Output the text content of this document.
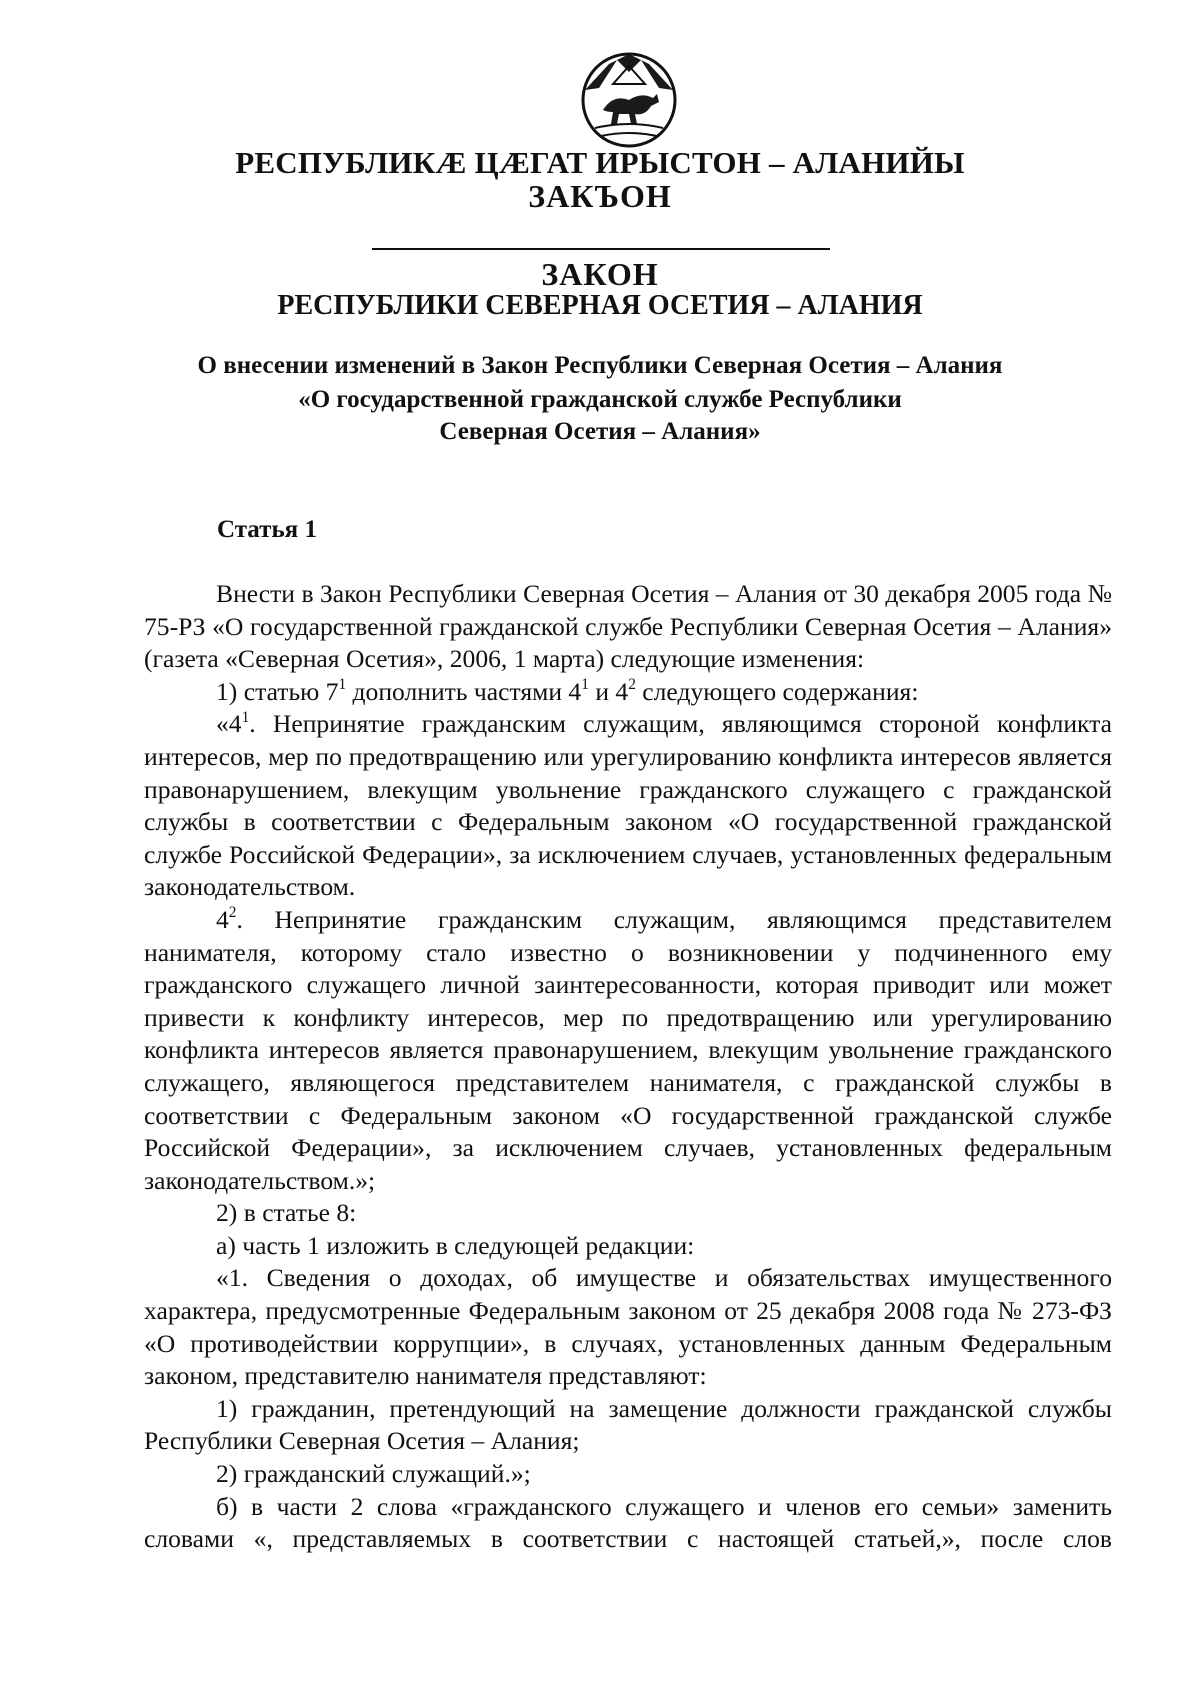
РЕСПУБЛИКӔ ЦӔГАТ ИРЫСТОН – АЛАНИЙЫ
ЗАКЪОН
ЗАКОН
РЕСПУБЛИКИ СЕВЕРНАЯ ОСЕТИЯ – АЛАНИЯ
О внесении изменений в Закон Республики Северная Осетия – Алания
«О государственной гражданской службе Республики
Северная Осетия – Алания»
Статья 1

Внести в Закон Республики Северная Осетия – Алания от 30 декабря 2005 года № 75-РЗ «О государственной гражданской службе Республики Северная Осетия – Алания» (газета «Северная Осетия», 2006, 1 марта) следующие изменения:

1) статью $7^1$ дополнить частями $4^1$ и $4^2$ следующего содержания:

«$4^1$. Непринятие гражданским служащим, являющимся стороной конфликта интересов, мер по предотвращению или урегулированию конфликта интересов является правонарушением, влекущим увольнение гражданского служащего с гражданской службы в соответствии с Федеральным законом «О государственной гражданской службе Российской Федерации», за исключением случаев, установленных федеральным законодательством.

$4^2$. Непринятие гражданским служащим, являющимся представителем нанимателя, которому стало известно о возникновении у подчиненного ему гражданского служащего личной заинтересованности, которая приводит или может привести к конфликту интересов, мер по предотвращению или урегулированию конфликта интересов является правонарушением, влекущим увольнение гражданского служащего, являющегося представителем нанимателя, с гражданской службы в соответствии с Федеральным законом «О государственной гражданской службе Российской Федерации», за исключением случаев, установленных федеральным законодательством.»;

2) в статье 8:

а) часть 1 изложить в следующей редакции:

«1. Сведения о доходах, об имуществе и обязательствах имущественного характера, предусмотренные Федеральным законом от 25 декабря 2008 года № 273-ФЗ «О противодействии коррупции», в случаях, установленных данным Федеральным законом, представителю нанимателя представляют:

1) гражданин, претендующий на замещение должности гражданской службы Республики Северная Осетия – Алания;

2) гражданский служащий.»;

б) в части 2 слова «гражданского служащего и членов его семьи» заменить словами «, представляемых в соответствии с настоящей статьей,», после слов
